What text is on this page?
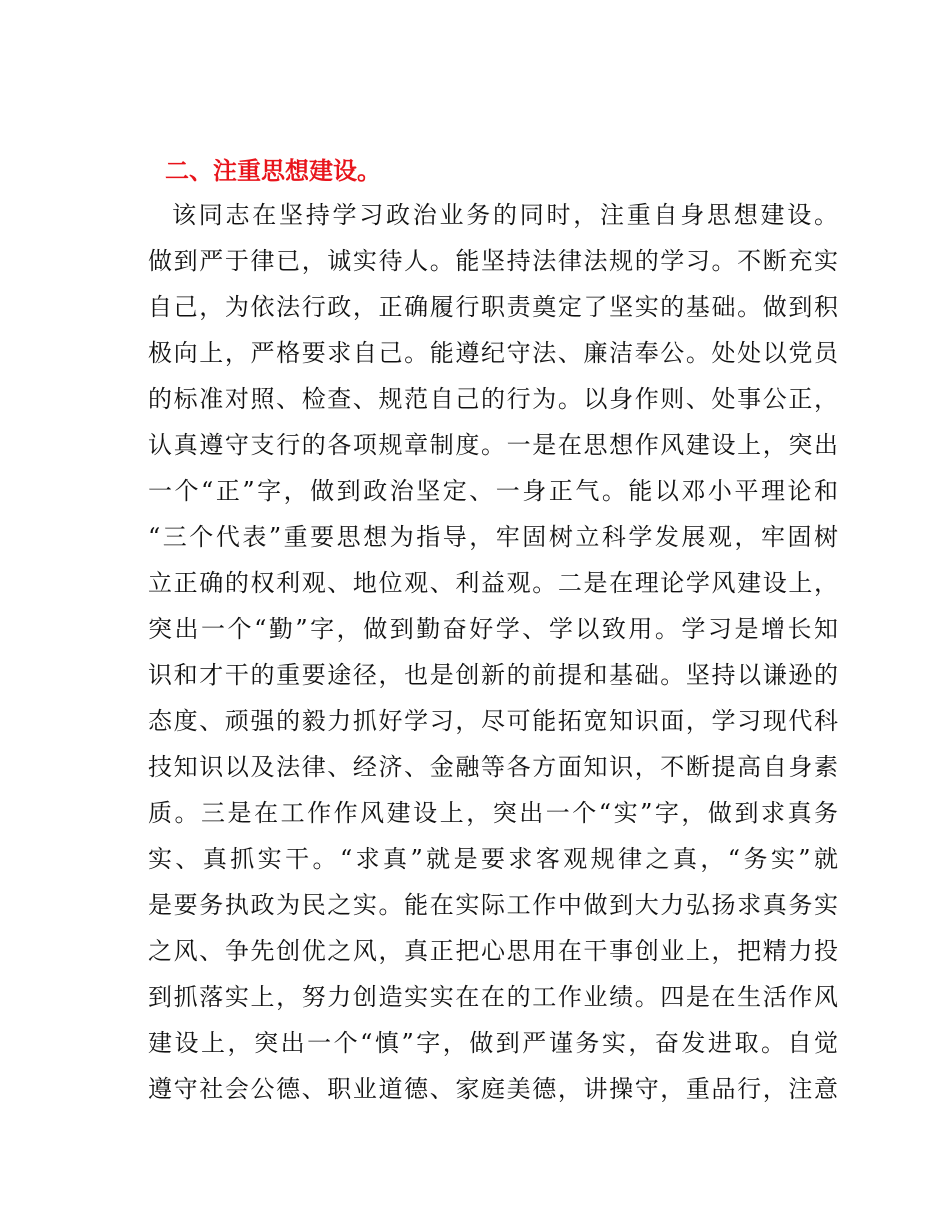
二、注重思想建设。
该同志在坚持学习政治业务的同时，注重自身思想建设。
做到严于律已，诚实待人。能坚持法律法规的学习。不断充实
自己，为依法行政，正确履行职责奠定了坚实的基础。做到积
极向上，严格要求自己。能遵纪守法、廉洁奉公。处处以党员
的标准对照、检查、规范自己的行为。以身作则、处事公正，
认真遵守支行的各项规章制度。一是在思想作风建设上，突出
一个“正”字，做到政治坚定、一身正气。能以邓小平理论和
“三个代表”重要思想为指导，牢固树立科学发展观，牢固树
立正确的权利观、地位观、利益观。二是在理论学风建设上，
突出一个“勤”字，做到勤奋好学、学以致用。学习是增长知
识和才干的重要途径，也是创新的前提和基础。坚持以谦逊的
态度、顽强的毅力抓好学习，尽可能拓宽知识面，学习现代科
技知识以及法律、经济、金融等各方面知识，不断提高自身素
质。三是在工作作风建设上，突出一个“实”字，做到求真务
实、真抓实干。“求真”就是要求客观规律之真，“务实”就
是要务执政为民之实。能在实际工作中做到大力弘扬求真务实
之风、争先创优之风，真正把心思用在干事创业上，把精力投
到抓落实上，努力创造实实在在的工作业绩。四是在生活作风
建设上，突出一个“慎”字，做到严谨务实，奋发进取。自觉
遵守社会公德、职业道德、家庭美德，讲操守，重品行，注意
